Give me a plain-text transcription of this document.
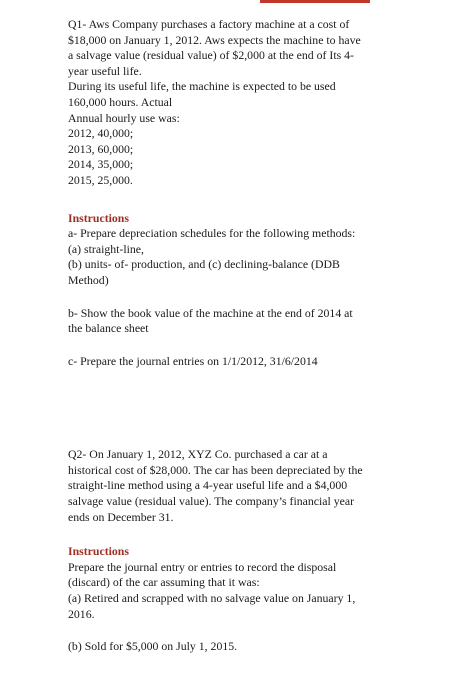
Q1- Aws Company purchases a factory machine at a cost of
$18,000 on January 1, 2012. Aws expects the machine to have
a salvage value (residual value) of $2,000 at the end of Its 4-
year useful life.
During its useful life, the machine is expected to be used
160,000 hours. Actual
Annual hourly use was:
2012, 40,000;
2013, 60,000;
2014, 35,000;
2015, 25,000.
Instructions
a- Prepare depreciation schedules for the following methods:
(a) straight-line,
(b) units- of- production, and (c) declining-balance (DDB
Method)
b- Show the book value of the machine at the end of 2014 at
the balance sheet
c- Prepare the journal entries on 1/1/2012, 31/6/2014
Q2- On January 1, 2012, XYZ Co. purchased a car at a
historical cost of $28,000. The car has been depreciated by the
straight-line method using a 4-year useful life and a $4,000
salvage value (residual value). The company’s financial year
ends on December 31.
Instructions
Prepare the journal entry or entries to record the disposal
(discard) of the car assuming that it was:
(a) Retired and scrapped with no salvage value on January 1,
2016.
(b) Sold for $5,000 on July 1, 2015.
